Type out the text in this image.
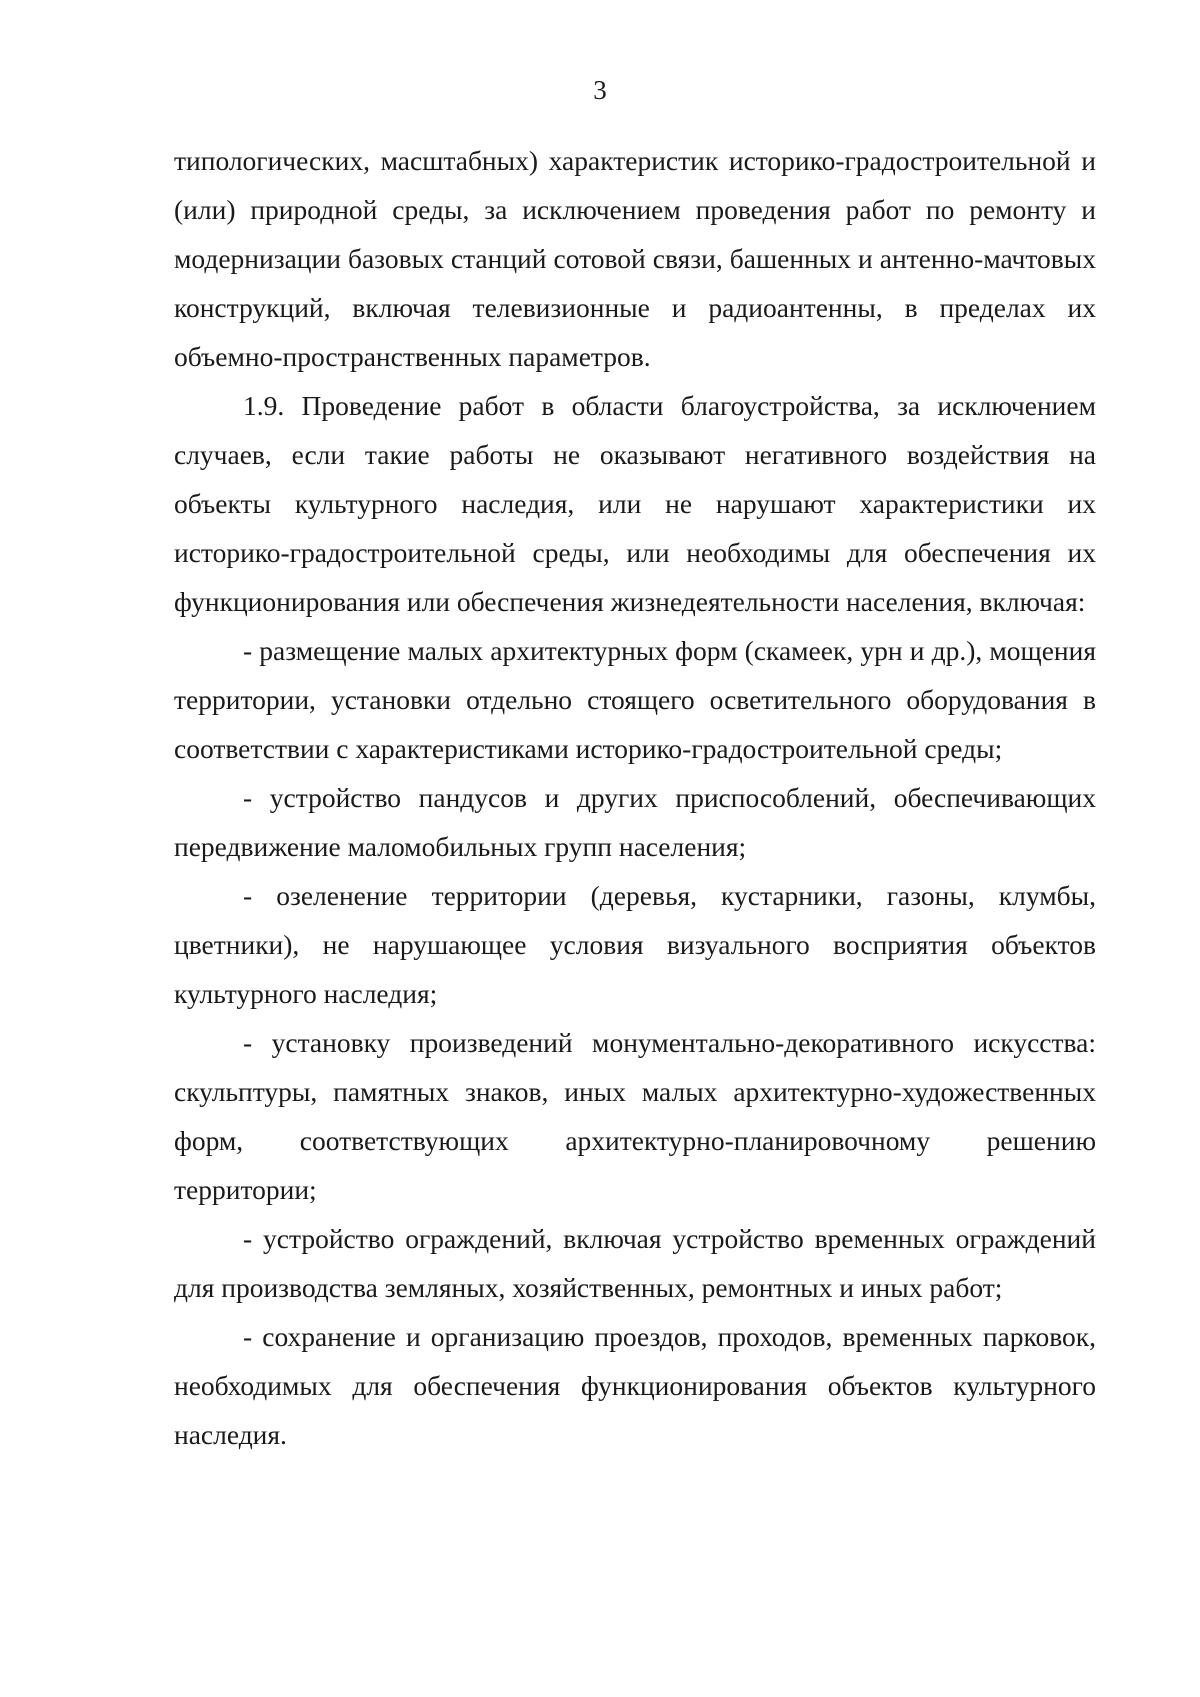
3

типологических, масштабных) характеристик историко-градостроительной и (или) природной среды, за исключением проведения работ по ремонту и модернизации базовых станций сотовой связи, башенных и антенно-мачтовых конструкций, включая телевизионные и радиоантенны, в пределах их объемно-пространственных параметров.

1.9. Проведение работ в области благоустройства, за исключением случаев, если такие работы не оказывают негативного воздействия на объекты культурного наследия, или не нарушают характеристики их историко-градостроительной среды, или необходимы для обеспечения их функционирования или обеспечения жизнедеятельности населения, включая:

- размещение малых архитектурных форм (скамеек, урн и др.), мощения территории, установки отдельно стоящего осветительного оборудования в соответствии с характеристиками историко-градостроительной среды;

- устройство пандусов и других приспособлений, обеспечивающих передвижение маломобильных групп населения;

- озеленение территории (деревья, кустарники, газоны, клумбы, цветники), не нарушающее условия визуального восприятия объектов культурного наследия;

- установку произведений монументально-декоративного искусства: скульптуры, памятных знаков, иных малых архитектурно-художественных форм, соответствующих архитектурно-планировочному решению территории;

- устройство ограждений, включая устройство временных ограждений для производства земляных, хозяйственных, ремонтных и иных работ;

- сохранение и организацию проездов, проходов, временных парковок, необходимых для обеспечения функционирования объектов культурного наследия.
